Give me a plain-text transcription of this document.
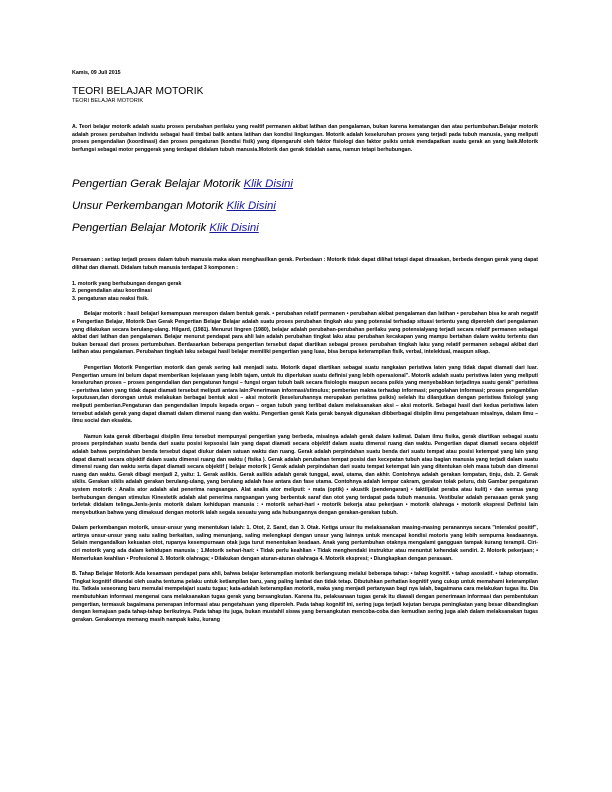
Kamis, 09 Juli 2015
TEORI BELAJAR MOTORIK
TEORI BELAJAR MOTORIK

A. Teori belajar motorik adalah suatu proses perubahan perilaku yang realtif permanen akibat latihan dan pengalaman, bukan karena kematangan dan atau pertumbuhan.Belajar motorik adalah proses perubahan individu sebagai hasil timbal balik antara latihan dan kondisi lingkungan. Motorik adalah keseluruhan proses yang terjadi pada tubuh manusia, yang meliputi proses pengendalian (koordinasi) dan proses pengaturan (kondisi fisik) yang dipengaruhi oleh faktor fisiologi dan faktor psikis untuk mendapatkan suatu gerak an yang baik.Motorik berfungsi sebagai motor penggerak yang terdapat didalam tubuh manusia.Motorik dan gerak tidaklah sama, namun tetapi berhubungan.

Pengertian Gerak Belajar Motorik Klik Disini
Unsur Perkembangan Motorik Klik Disini
Pengertian Belajar Motorik Klik Disini

Persamaan : setiap terjadi proses dalam tubuh manusia maka akan menghasilkan gerak. Perbedaan : Motorik tidak dapat dilihat tetapi dapat dirasakan, berbeda dengan gerak yang dapat dilihat dan diamati. Didalam tubuh manusia terdapat 3 komponen :

1. motorik yang berhubungan dengan gerak
2. pengendalian atau koordinasi
3. pengaturan atau reaksi fisik.

Belajar motorik : hasil belajar/ kemampuan merespon dalam bentuk gerak. • perubahan relatif permanen • perubahan akibat pengalaman dan latihan • perubahan bisa ke arah negatif e Pengertian Belajar, Motorik Dan Gerak Pengertian Belajar Belajar adalah suatu proses perubahan tingkah aku yang potensial terhadap situasi tertentu yang diperoleh dari pengalaman yang dilakukan secara berulang-ulang. Hilgard, (1981). Menurut lingren (1980), belajar adalah perubahan-perubahan perilaku yang potensialyang terjadi secara relatif permanen sebagai akibat dari latihan dan pengalaman. Belajar menurut pendapat para ahli lain adalah perubahan tingkat laku atau perubahan kecakapan yang mampu bertahan dalam waktu tertentu dan bukan berasal dari proses pertumbuhan. Berdasarkan beberapa pengertian tersebut dapat diartikan sebagai proses perubahan tingkah laku yang relatif permanen sebagai akibat dari latihan atau pengalaman. Perubahan tingkah laku sebagai hasil belajar memiliki pengertian yang luas, bisa berupa keterampilan fisik, verbal, intelektual, maupun sikap.

Pengertian Motorik Pengertian motorik dan gerak sering kali menjadi satu. Motorik dapat diartikan sebagai suatu rangkaian peristiwa laten yang tidak dapat diamati dari luar. Pengertian umum ini belum dapat memberikan kejelasan yang lebih tajam, untuk itu diperlukan suatu definisi yang lebih operasional". Motorik adalah suatu peristiwa laten yang meliputi keseluruhan proses – proses pengendalian dan pengaturan fungsi – fungsi organ tubuh baik secara fisiologis maupun secara psikis yang menyebabkan terjadinya suatu gerak" peristiwa – peristiwa laten yang tidak dapat diamati tersebut meliputi antara lain:Penerimaan informasi/stimulus; pemberian makna terhadap informasi; pengolahan informasi; proses pengambilan keputusan,dan dorongan untuk melakukan berbagai bentuk aksi – aksi motorik (keseluruhannya merupakan peristiwa psikis) selelah itu dilanjutkan dengan peristiwa fisiologi yang meliputi pemberian.Pengaturan dan pengendalian impuls kepada organ – organ tubuh yang terlibat dalam melaksanakan aksi – aksi motorik. Sebagai hasil dari kedua peristiwa laten tersebut adalah gerak yang dapat diamati dalam dimensi ruang dan waktu. Pengertian gerak Kata gerak banyak digunakan dibberbagai disiplin ilmu pengetahuan misalnya, dalam ilmu – ilmu social dan eksakta.

Namun kata gerak diberbagai disiplin ilmu tersebut mempunyai pengertian yang berbeda, misalnya adalah gerak dalam kalimat. Dalam ilmu fisika, gerak diartikan sebagai suatu proses perpindahan suatu benda dari suatu posisi kepsosisi lain yang dapat diamati secara objektif dalam suatu dimensi ruang dan waktu. Pengertian dapat diamati secara objektif adalah bahwa perpindahan benda tersebut dapat diukur dalam satuan waktu dan ruang. Gerak adalah perpindahan suatu benda dari suatu tempat atau posisi ketempat yang lain yang dapat diamati secara objektif dalam suatu dimensi ruang dan waktu ( fisika ). Gerak adalah perubahan tempat posisi dan kecepatan tubuh atau bagian manusia yang terjadi dalam suatu dimensi ruang dan waktu serta dapat diamati secara objektif ( belajar motorik ) Gerak adalah perpindahan dari suatu tempat ketempat lain yang ditentukan oleh masa tubuh dan dimensi ruang dan waktu. Gerak dibagi menjadi 2, yaitu: 1. Gerak aslikis. Gerak aslikis adalah gerak tunggal, awal, utama, dan akhir. Contohnya adalah gerakan lompatan, tinju, dsb. 2. Gerak siklis. Gerakan siklis adalah gerakan berulang-ulang, yang berulang adalah fase antara dan fase utama. Contohnya adalah lempar cakram, gerakan tolak peluru, dsb Gambar pengaturan system motorik : Analis ator adalah alat penerima rangsangan. Alat analis ator meliputi: • mata (optik) • akustik (pendengaran) • taktil(alat peraba atau kulit) • dan semua yang berhubungan dengan stimulus Kinestetik adalah alat penerima rangsangan yang berbentuk saraf dan otot yang terdapat pada tubuh manusia. Vestibular adalah perasaan gerak yang terletak didalam telinga.Jenis-jenis motorik dalam kehidupan manusia : • motorik sehari-hari • motorik bekerja atau pekerjaan • motorik olahraga • motorik ekspresi Definisi lain menyebutkan bahwa yang dimaksud dengan motorik ialah segala sesuatu yang ada hubungannya dengan gerakan-gerakan tubuh.

Dalam perkembangan motorik, unsur-unsur yang menentukan ialah: 1. Otot, 2. Saraf, dan 3. Otak. Ketiga unsur itu melaksanakan masing-masing peranannya secara "interaksi positif", artinya unsur-unsur yang satu saling berkaitan, saling menunjang, saling melengkapi dengan unsur yang lainnya untuk mencapai kondisi motoris yang lebih sempurna keadaannya. Selain mengandalkan kekuatan otot, rupanya kesempurnaan otak juga turut menentukan keadaan. Anak yang pertumbuhan otaknya mengalami gangguan tampak kurang terampil. Ciri-ciri motorik yang ada dalam kehidupan manusia ; 1.Motorik sehari-hari: • Tidak perlu keahlian • Tidak menghendaki instruktur atau menuntut kehendak sendiri. 2. Motorik pekerjaan; • Memerlukan keahlian • Profesional 3. Motorik olahraga; • Dilakukan dengan aturan-aturan olahraga 4. Motorik ekspresi; • Diungkapkan dengan perasaan.

B. Tahap Belajar Motorik Ada kesamaan pendapat para ahli, bahwa belajar keterampilan motorik berlangsung melalui beberapa tahap: • tahap kognitif. • tahap asosiatif. • tahap otomatis. Tingkat kognitif ditandai oleh usaha tentuma pelaku untuk ketiampilan baru, yang paling lambat dan tidak tetap. Dibutuhkan perhatian kognitif yang cukup untuk memahami keterampilan itu. Tatkala seseorang baru memulai mempelajari suatu tugas; kata-adalah keterampilan motorik, maka yang menjadi pertanyaan bagi nya ialah, bagaimana cara melakukan tugas itu. Dia membutuhkan informasi mengenai cara melaksanakan tugas gerak yang bersangkutan. Karena itu, pelaksanaan tugas gerak itu diawali dengan penerimaan informasi dan pembentukan pengertian, termasuk bagaimana penerapan informasi atau pengetahuan yang diperoleh. Pada tahap kognitif ini, sering juga terjadi kejutan berupa peningkatan yang besar dibandingkan dengan kemajuan pada tahap-tahap berikutnya. Pada tahap itu juga, bukan mustahil siswa yang bersangkutan mencoba-coba dan kemudian sering juga alah dalam melaksanakan tugas gerakan. Gerakannya memang masih nampak kaku, kurang
